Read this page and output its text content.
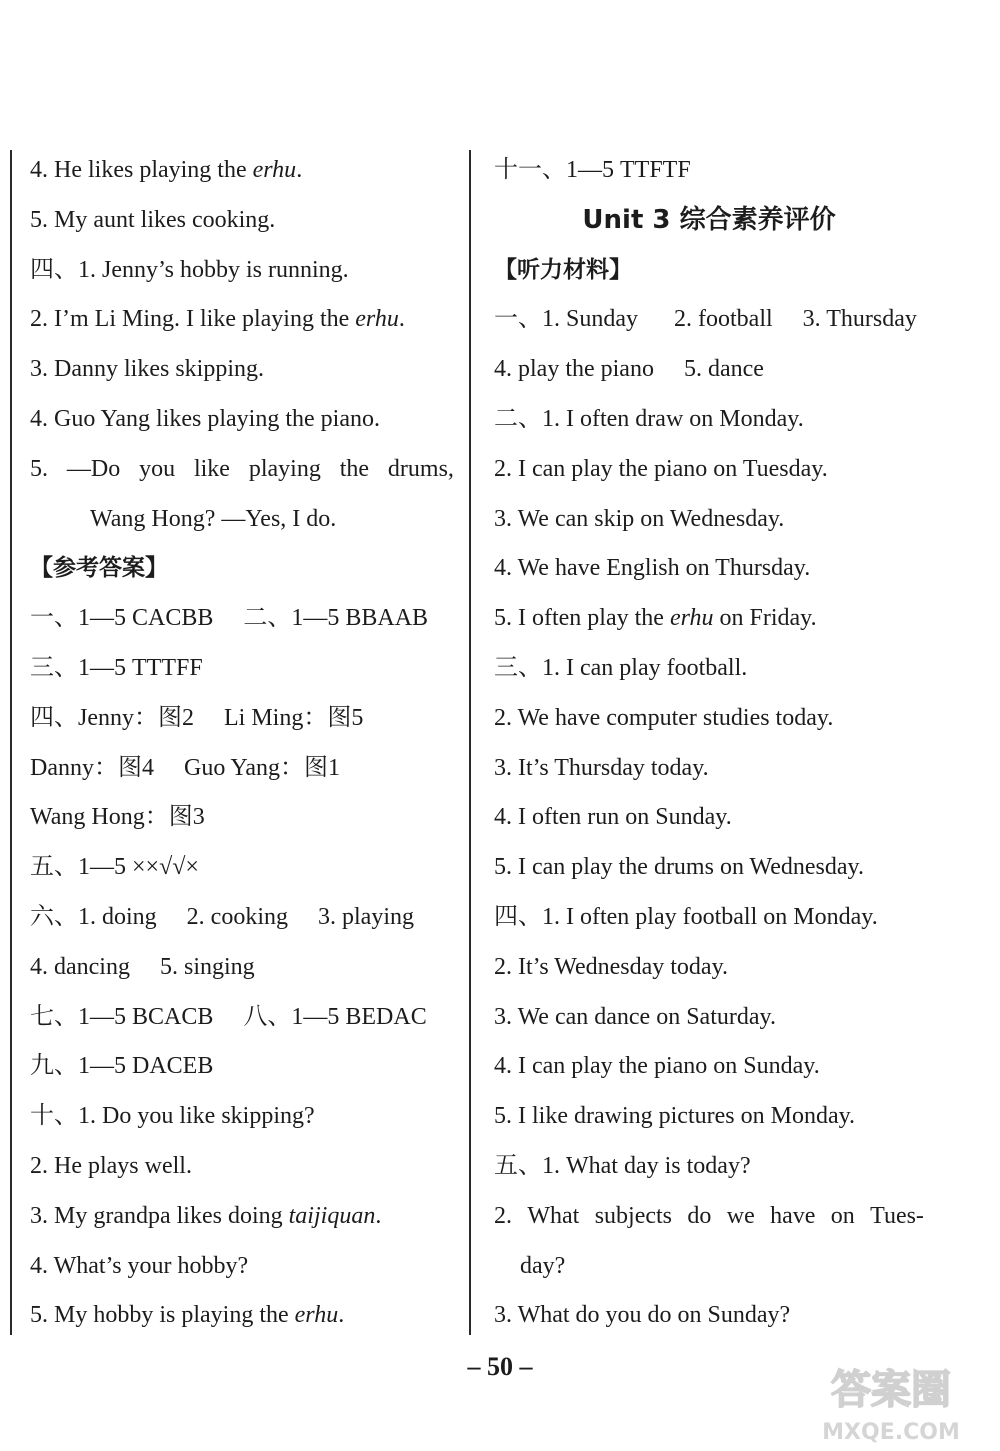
4. He likes playing the erhu.
5. My aunt likes cooking.
四、1. Jenny’s hobby is running.
2. I’m Li Ming. I like playing the erhu.
3. Danny likes skipping.
4. Guo Yang likes playing the piano.
5. —Do you like playing the drums,
Wang Hong? —Yes, I do.
【参考答案】
一、1—5 CACBB 二、1—5 BBAAB
三、1—5 TTTFF
四、Jenny：图2 Li Ming：图5
Danny：图4 Guo Yang：图1
Wang Hong：图3
五、1—5 ××√√×
六、1. doing 2. cooking 3. playing
4. dancing 5. singing
七、1—5 BCACB 八、1—5 BEDAC
九、1—5 DACEB
十、1. Do you like skipping?
2. He plays well.
3. My grandpa likes doing taijiquan.
4. What’s your hobby?
5. My hobby is playing the erhu.
十一、1—5 TTFTF
Unit 3 综合素养评价
【听力材料】
一、1. Sunday 2. football 3. Thursday
4. play the piano 5. dance
二、1. I often draw on Monday.
2. I can play the piano on Tuesday.
3. We can skip on Wednesday.
4. We have English on Thursday.
5. I often play the erhu on Friday.
三、1. I can play football.
2. We have computer studies today.
3. It’s Thursday today.
4. I often run on Sunday.
5. I can play the drums on Wednesday.
四、1. I often play football on Monday.
2. It’s Wednesday today.
3. We can dance on Saturday.
4. I can play the piano on Sunday.
5. I like drawing pictures on Monday.
五、1. What day is today?
2. What subjects do we have on Tues-
day?
3. What do you do on Sunday?
– 50 –
答案圈
MXQE.COM
